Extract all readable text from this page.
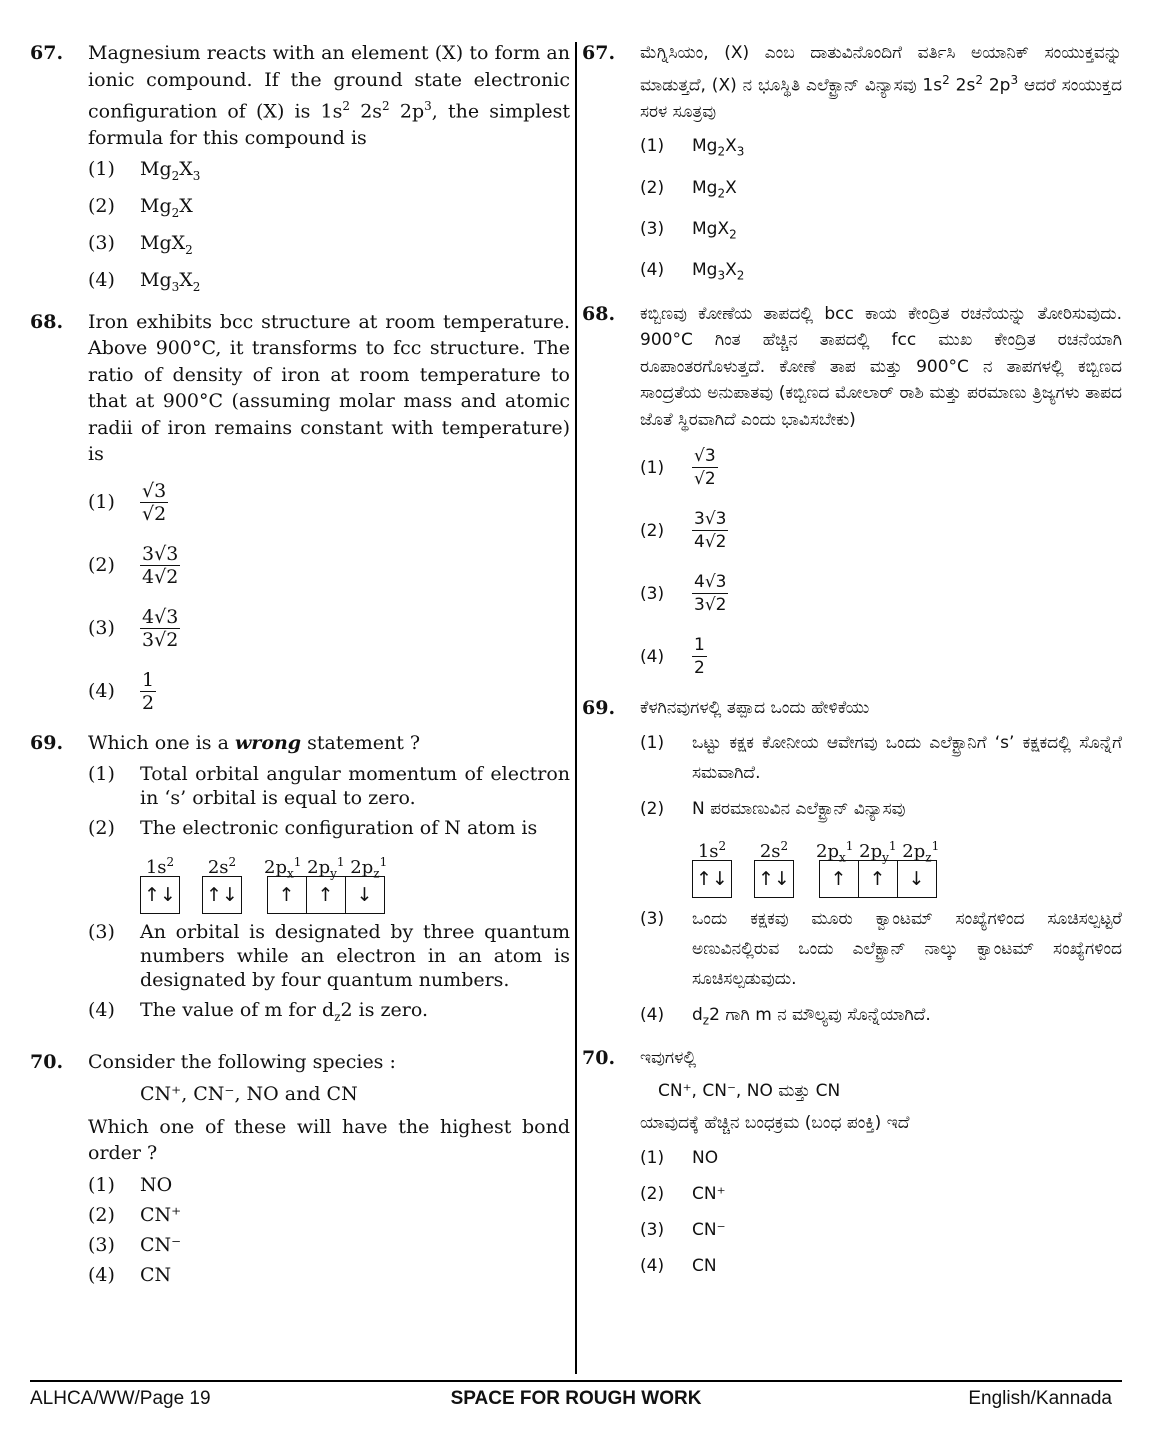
67. Magnesium reacts with an element (X) to form an ionic compound. If the ground state electronic configuration of (X) is $1s^2$ $2s^2$ $2p^3$, the simplest formula for this compound is
(1) $Mg_2X_3$
(2) $Mg_2X$
(3) MgX$_2$
(4) $Mg_3X_2$
68. Iron exhibits bcc structure at room temperature. Above 900°C, it transforms to fcc structure. The ratio of density of iron at room temperature to that at 900°C (assuming molar mass and atomic radii of iron remains constant with temperature) is
$(1) \frac{√3}{√2}$
$(2) \frac{3√3}{4√2}$
$(3) \frac{4√3}{3√2}$
$(4) \frac{1}{2}$
69. Which one is a wrong statement ?
(1) Total orbital angular momentum of electron in ‘s’ orbital is equal to zero.
(2) The electronic configuration of N atom is
$1s^2$
↑↓
$2s^2$
↑↓
$2p_x^1$ $2p_y^1$ $2p_z^1$
↑	↑	↓
(3) An orbital is designated by three quantum numbers while an electron in an atom is designated by four quantum numbers.
(4) The value of m for $d_z2$ is zero.
70. Consider the following species :
CN⁺, CN⁻, NO and CN
Which one of these will have the highest bond order ?
(1) NO
(2) CN⁺
(3) CN⁻
(4) CN
67. ಮೆಗ್ನಿಸಿಯಂ, (X) ಎಂಬ ದಾತುವಿನೊಂದಿಗೆ ವರ್ತಿಸಿ ಅಯಾನಿಕ್ ಸಂಯುಕ್ತವನ್ನು ಮಾಡುತ್ತದೆ, (X) ನ ಭೂಸ್ಥಿತಿ ಎಲೆಕ್ಟ್ರಾನ್ ವಿನ್ಯಾಸವು $1s^2$ $2s^2$ $2p^3$ ಆದರೆ ಸಂಯುಕ್ತದ ಸರಳ ಸೂತ್ರವು
(1) $Mg_2X_3$
(2) $Mg_2X$
(3) MgX$_2$
(4) $Mg_3X_2$
68. ಕಬ್ಬಿಣವು ಕೋಣೆಯ ತಾಪದಲ್ಲಿ bcc ಕಾಯ ಕೇಂದ್ರಿತ ರಚನೆಯನ್ನು ತೋರಿಸುವುದು. 900°C ಗಿಂತ ಹೆಚ್ಚಿನ ತಾಪದಲ್ಲಿ fcc ಮುಖ ಕೇಂದ್ರಿತ ರಚನೆಯಾಗಿ ರೂಪಾಂತರಗೊಳುತ್ತದೆ. ಕೋಣೆ ತಾಪ ಮತ್ತು 900°C ನ ತಾಪಗಳಲ್ಲಿ ಕಬ್ಬಿಣದ ಸಾಂದ್ರತೆಯ ಅನುಪಾತವು (ಕಬ್ಬಿಣದ ಮೋಲಾರ್ ರಾಶಿ ಮತ್ತು ಪರಮಾಣು ತ್ರಿಜ್ಯಗಳು ತಾಪದ ಜೊತೆ ಸ್ಥಿರವಾಗಿದೆ ಎಂದು ಭಾವಿಸಬೇಕು)
$(1) \frac{√3}{√2}$
$(2) \frac{3√3}{4√2}$
$(3) \frac{4√3}{3√2}$
$(4) \frac{1}{2}$
69. ಕೆಳಗಿನವುಗಳಲ್ಲಿ ತಪ್ಪಾದ ಒಂದು ಹೇಳಿಕೆಯು
(1) ಒಟ್ಟು ಕಕ್ಷಕ ಕೋನೀಯ ಆವೇಗವು ಒಂದು ಎಲೆಕ್ಟ್ರಾನಿಗೆ ‘s’ ಕಕ್ಷಕದಲ್ಲಿ ಸೊನ್ನೆಗೆ ಸಮವಾಗಿದೆ.
(2) N ಪರಮಾಣುವಿನ ಎಲೆಕ್ಟ್ರಾನ್ ವಿನ್ಯಾಸವು
$1s^2$
↑↓
$2s^2$
↑↓
$2p_x^1$ $2p_y^1$ $2p_z^1$
↑	↑	↓
(3) ಒಂದು ಕಕ್ಷಕವು ಮೂರು ಕ್ವಾಂಟಮ್ ಸಂಖ್ಯೆಗಳಿಂದ ಸೂಚಿಸಲ್ಪಟ್ಟರೆ ಅಣುವಿನಲ್ಲಿರುವ ಒಂದು ಎಲೆಕ್ಟ್ರಾನ್ ನಾಲ್ಕು ಕ್ವಾಂಟಮ್ ಸಂಖ್ಯೆಗಳಿಂದ ಸೂಚಿಸಲ್ಪಡುವುದು.
(4) $d_z2$ ಗಾಗಿ m ನ ಮೌಲ್ಯವು ಸೊನ್ನೆಯಾಗಿದೆ.
70. ಇವುಗಳಲ್ಲಿ
CN⁺, CN⁻, NO ಮತ್ತು CN
ಯಾವುದಕ್ಕೆ ಹೆಚ್ಚಿನ ಬಂಧಕ್ರಮ (ಬಂಧ ಪಂಕ್ತಿ) ಇದೆ
(1) NO
(2) CN⁺
(3) CN⁻
(4) CN
ALHCA/WW/Page 19	SPACE FOR ROUGH WORK	English/Kannada
